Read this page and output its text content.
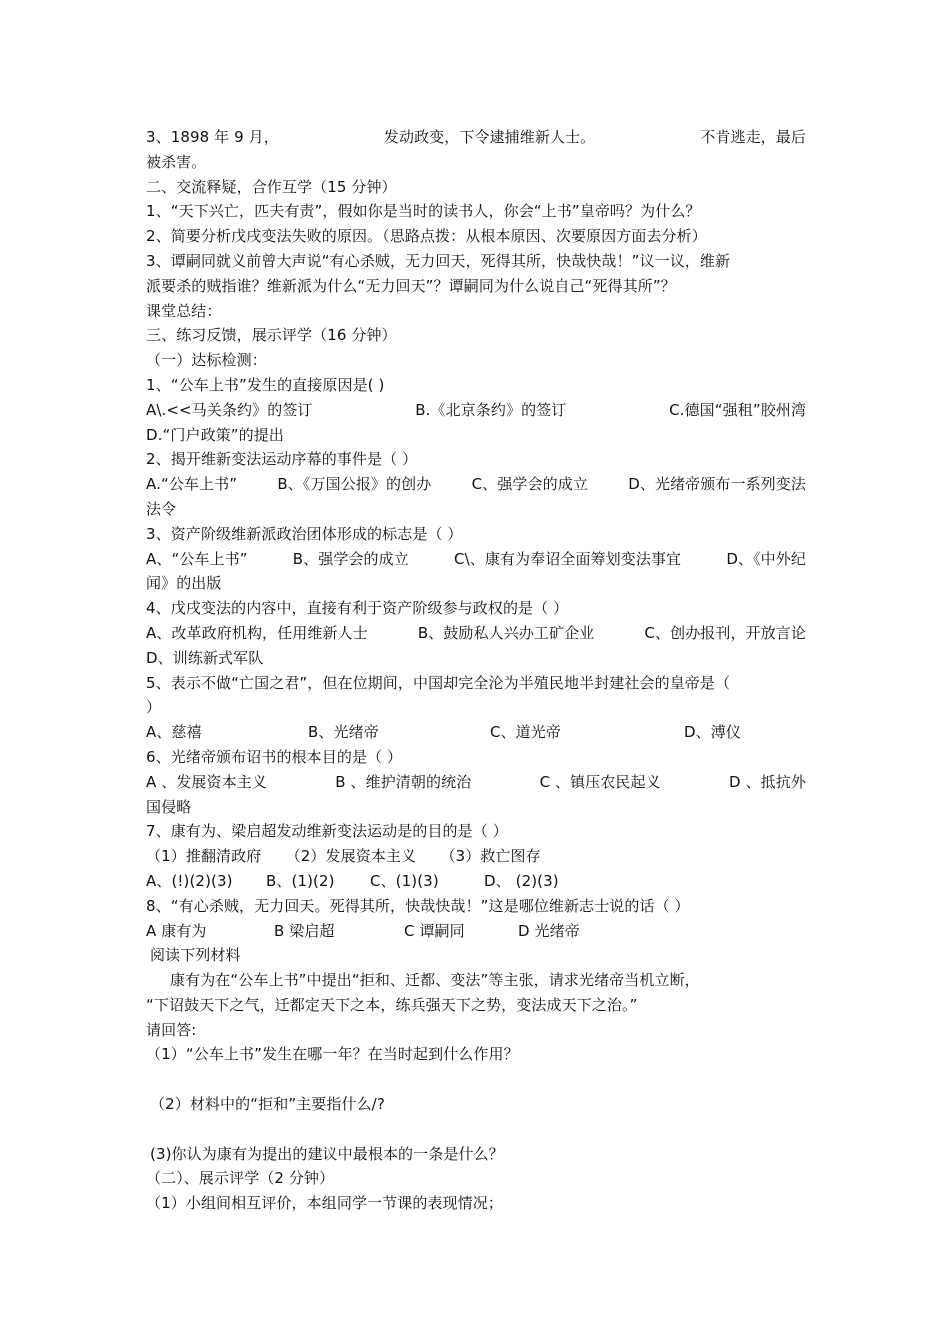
3、1898 年 9 月，	发动政变，下令逮捕维新人士。	不肯逃走，最后
被杀害。
二、交流释疑，合作互学（15 分钟）
1、“天下兴亡，匹夫有责”，假如你是当时的读书人，你会“上书”皇帝吗？为什么？
2、简要分析戊戌变法失败的原因。（思路点拨：从根本原因、次要原因方面去分析）
3、谭嗣同就义前曾大声说“有心杀贼，无力回天，死得其所，快哉快哉！”议一议，维新
派要杀的贼指谁？维新派为什么“无力回天”？谭嗣同为什么说自己“死得其所”？
课堂总结：
三、练习反馈，展示评学（16 分钟）
（一）达标检测：
1、“公车上书”发生的直接原因是( )
A\.<<马关条约》的签订	B.《北京条约》的签订	C.德国“强租”胶州湾
D.“门户政策”的提出
2、揭开维新变法运动序幕的事件是（ ）
A.“公车上书”	B、《万国公报》的创办	C、强学会的成立	D、光绪帝颁布一系列变法
法令
3、资产阶级维新派政治团体形成的标志是（ ）
A、“公车上书”	B、强学会的成立	C\、康有为奉诏全面筹划变法事宜	D、《中外纪
闻》的出版
4、戊戌变法的内容中，直接有利于资产阶级参与政权的是（ ）
A、改革政府机构，任用维新人士	B、鼓励私人兴办工矿企业	C、创办报刊，开放言论
D、训练新式军队
5、表示不做“亡国之君”，但在位期间，中国却完全沦为半殖民地半封建社会的皇帝是（
）
A、慈禧	B、光绪帝	C、道光帝	D、溥仪
6、光绪帝颁布诏书的根本目的是（ ）
A 、发展资本主义	B 、维护清朝的统治	C 、镇压农民起义	D 、抵抗外
国侵略
7、康有为、梁启超发动维新变法运动是的目的是（ ）
（1）推翻清政府     （2）发展资本主义     （3）救亡图存
A、(!)(2)(3)	B、(1)(2)	C、(1)(3)	D、 (2)(3)
8、“有心杀贼，无力回天。死得其所，快哉快哉！”这是哪位维新志士说的话（ ）
A 康有为	B 梁启超	C 谭嗣同	D 光绪帝
阅读下列材料
康有为在“公车上书”中提出“拒和、迁都、变法”等主张，请求光绪帝当机立断，
“下诏鼓天下之气，迁都定天下之本，练兵强天下之势，变法成天下之治。”
请回答:
（1）“公车上书”发生在哪一年？在当时起到什么作用？
（2）材料中的“拒和”主要指什么/?
(3)你认为康有为提出的建议中最根本的一条是什么？
（二）、展示评学（2 分钟）
（1）小组间相互评价，本组同学一节课的表现情况；
